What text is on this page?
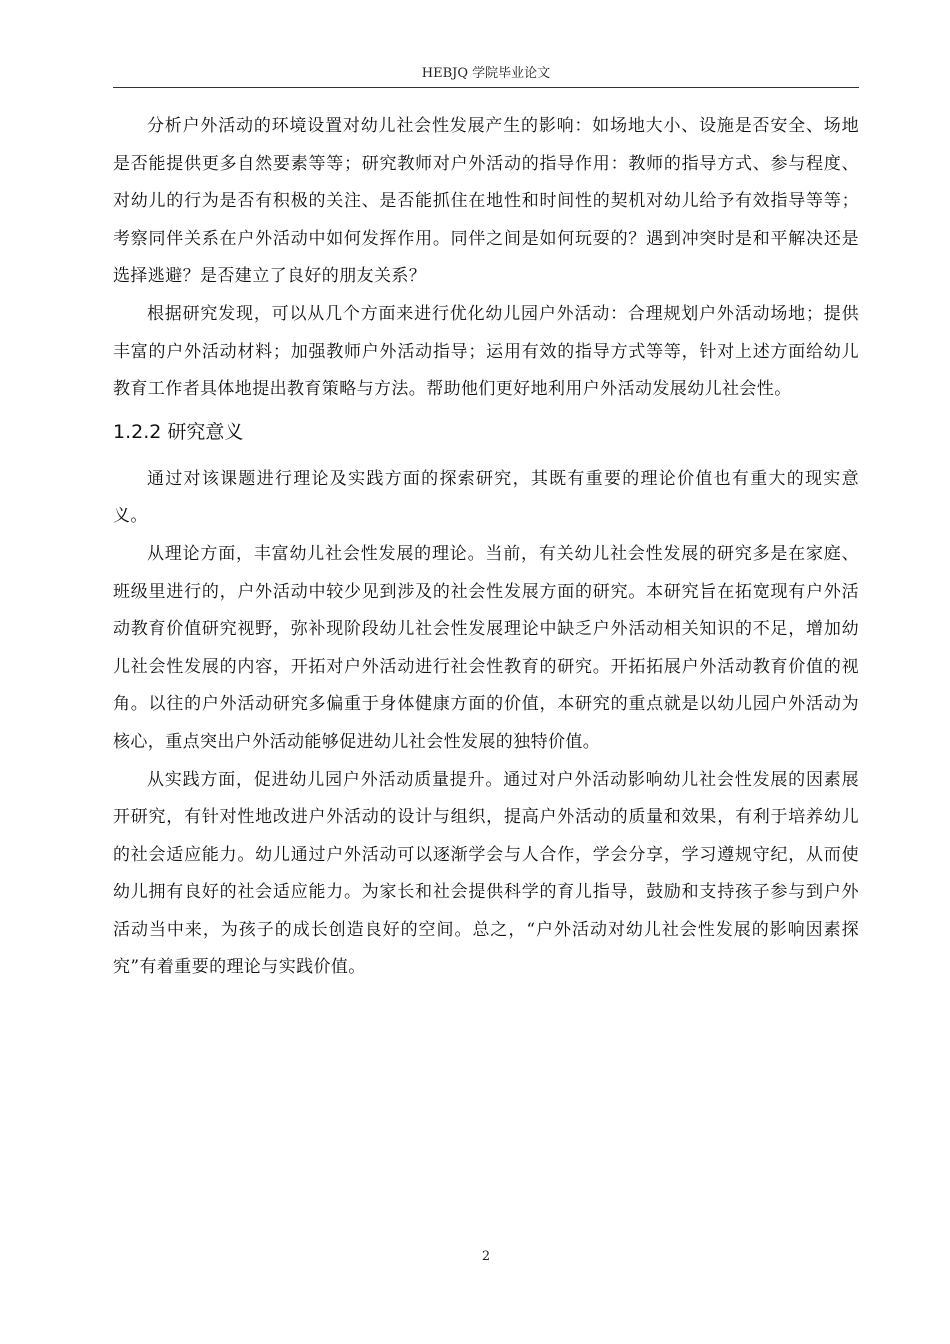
HEBJQ 学院毕业论文

分析户外活动的环境设置对幼儿社会性发展产生的影响：如场地大小、设施是否安全、场地是否能提供更多自然要素等等；研究教师对户外活动的指导作用：教师的指导方式、参与程度、对幼儿的行为是否有积极的关注、是否能抓住在地性和时间性的契机对幼儿给予有效指导等等；考察同伴关系在户外活动中如何发挥作用。同伴之间是如何玩耍的？遇到冲突时是和平解决还是选择逃避？是否建立了良好的朋友关系？

根据研究发现，可以从几个方面来进行优化幼儿园户外活动：合理规划户外活动场地；提供丰富的户外活动材料；加强教师户外活动指导；运用有效的指导方式等等，针对上述方面给幼儿教育工作者具体地提出教育策略与方法。帮助他们更好地利用户外活动发展幼儿社会性。

1.2.2 研究意义

通过对该课题进行理论及实践方面的探索研究，其既有重要的理论价值也有重大的现实意义。

从理论方面，丰富幼儿社会性发展的理论。当前，有关幼儿社会性发展的研究多是在家庭、班级里进行的，户外活动中较少见到涉及的社会性发展方面的研究。本研究旨在拓宽现有户外活动教育价值研究视野，弥补现阶段幼儿社会性发展理论中缺乏户外活动相关知识的不足，增加幼儿社会性发展的内容，开拓对户外活动进行社会性教育的研究。开拓拓展户外活动教育价值的视角。以往的户外活动研究多偏重于身体健康方面的价值，本研究的重点就是以幼儿园户外活动为核心，重点突出户外活动能够促进幼儿社会性发展的独特价值。

从实践方面，促进幼儿园户外活动质量提升。通过对户外活动影响幼儿社会性发展的因素展开研究，有针对性地改进户外活动的设计与组织，提高户外活动的质量和效果，有利于培养幼儿的社会适应能力。幼儿通过户外活动可以逐渐学会与人合作，学会分享，学习遵规守纪，从而使幼儿拥有良好的社会适应能力。为家长和社会提供科学的育儿指导，鼓励和支持孩子参与到户外活动当中来，为孩子的成长创造良好的空间。总之，“户外活动对幼儿社会性发展的影响因素探究”有着重要的理论与实践价值。

2
